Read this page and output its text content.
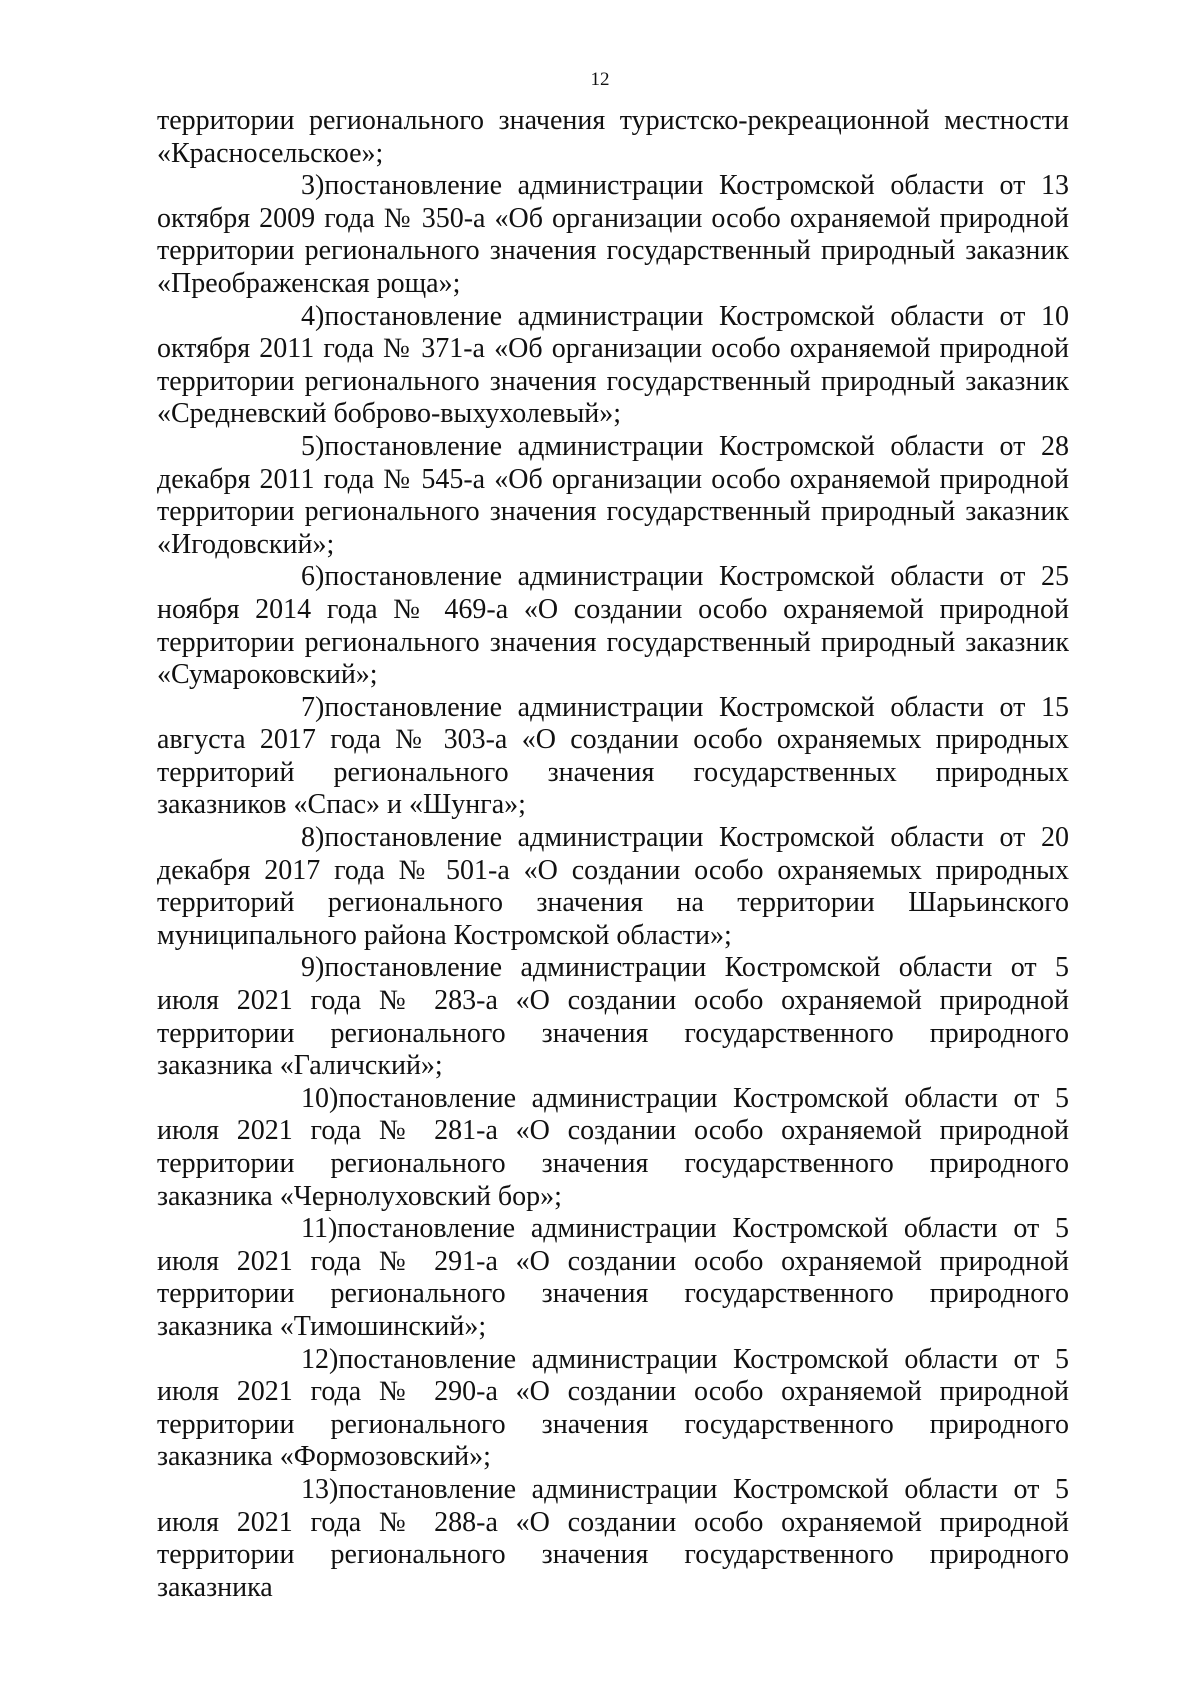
12

территории регионального значения туристско-рекреационной местности «Красносельское»;

3)постановление администрации Костромской области от 13 октября 2009 года № 350-а «Об организации особо охраняемой природной территории регионального значения государственный природный заказник «Преображенская роща»;

4)постановление администрации Костромской области от 10 октября 2011 года № 371-а «Об организации особо охраняемой природной территории регионального значения государственный природный заказник «Средневский боброво-выхухолевый»;

5)постановление администрации Костромской области от 28 декабря 2011 года № 545-а «Об организации особо охраняемой природной территории регионального значения государственный природный заказник «Игодовский»;

6)постановление администрации Костромской области от 25 ноября 2014 года № 469-а «О создании особо охраняемой природной территории регионального значения государственный природный заказник «Сумароковский»;

7)постановление администрации Костромской области от 15 августа 2017 года № 303-а «О создании особо охраняемых природных территорий регионального значения государственных природных заказников «Спас» и «Шунга»;

8)постановление администрации Костромской области от 20 декабря 2017 года № 501-а «О создании особо охраняемых природных территорий регионального значения на территории Шарьинского муниципального района Костромской области»;

9)постановление администрации Костромской области от 5 июля 2021 года № 283-а «О создании особо охраняемой природной территории регионального значения государственного природного заказника «Галичский»;

10)постановление администрации Костромской области от 5 июля 2021 года № 281-а «О создании особо охраняемой природной территории регионального значения государственного природного заказника «Чернолуховский бор»;

11)постановление администрации Костромской области от 5 июля 2021 года № 291-а «О создании особо охраняемой природной территории регионального значения государственного природного заказника «Тимошинский»;

12)постановление администрации Костромской области от 5 июля 2021 года № 290-а «О создании особо охраняемой природной территории регионального значения государственного природного заказника «Формозовский»;

13)постановление администрации Костромской области от 5 июля 2021 года № 288-а «О создании особо охраняемой природной территории регионального значения государственного природного заказника
